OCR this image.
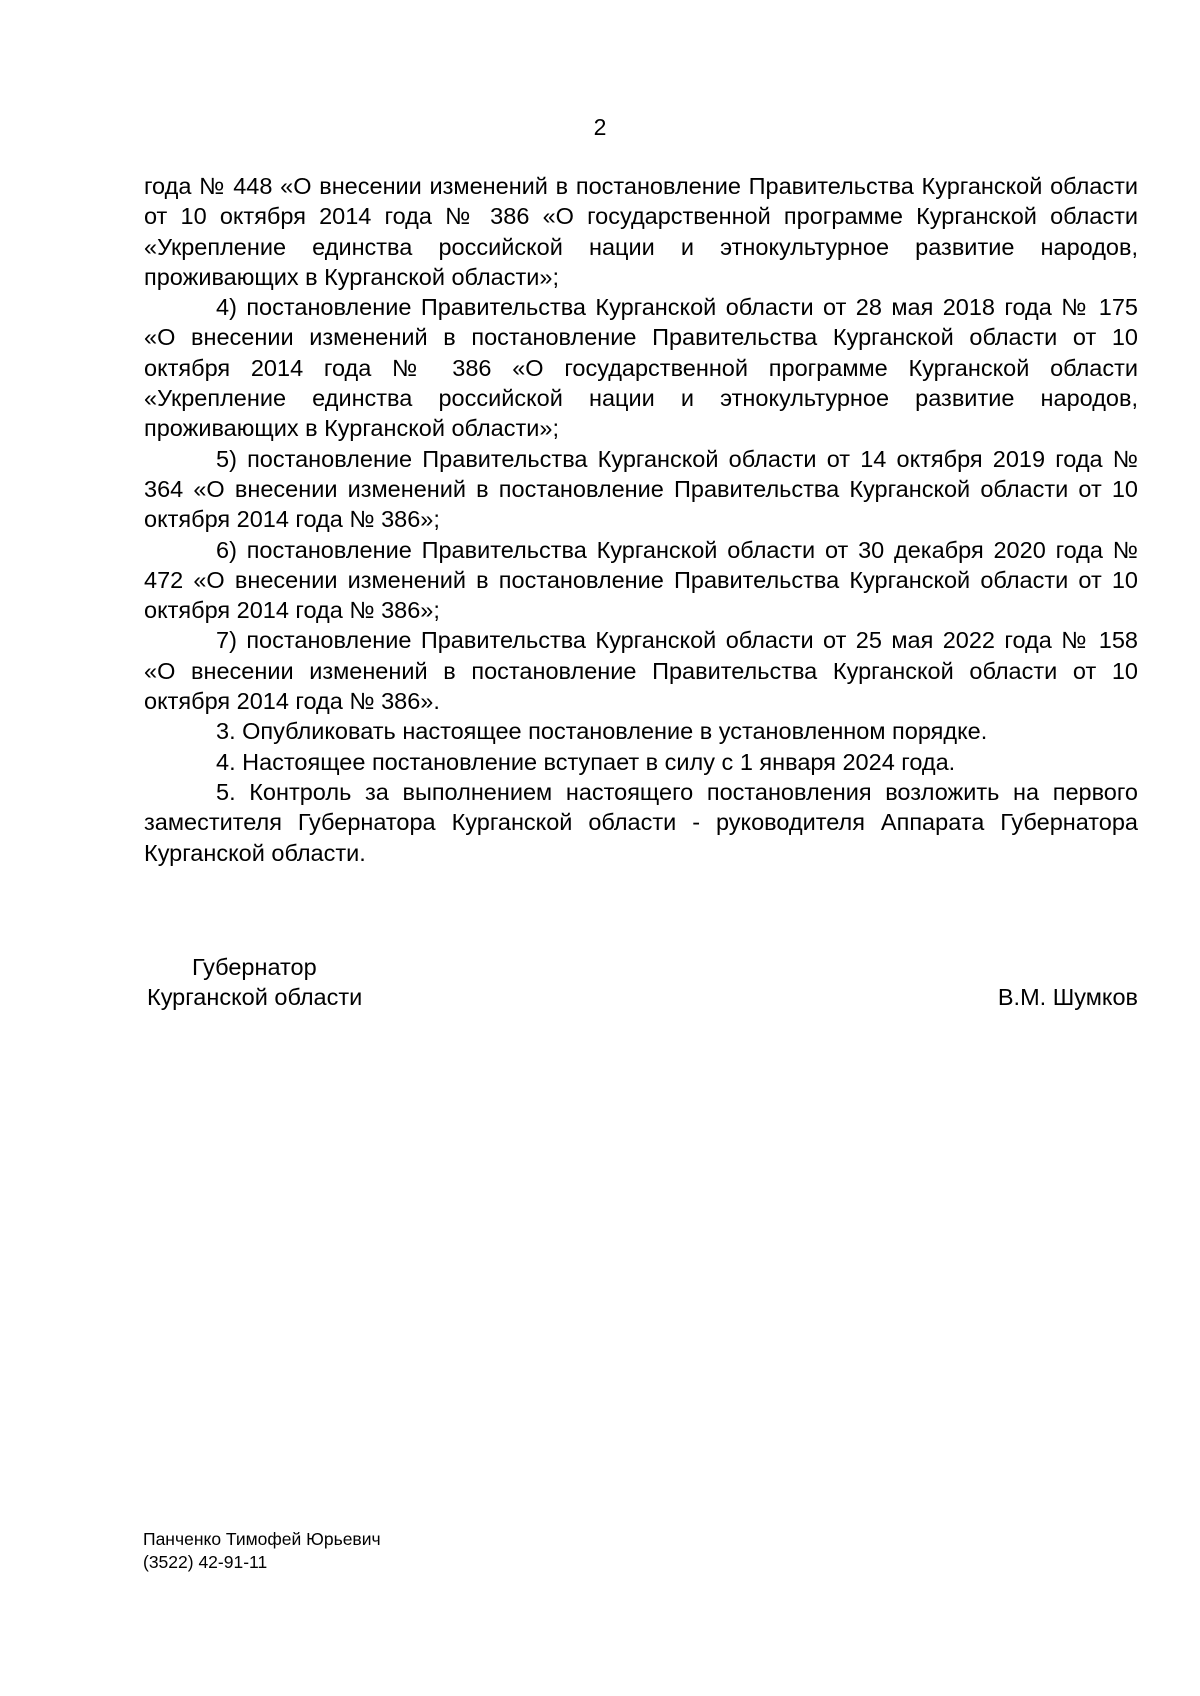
2

года № 448 «О внесении изменений в постановление Правительства Курганской области от 10 октября 2014 года № 386 «О государственной программе Курганской области «Укрепление единства российской нации и этнокультурное развитие народов, проживающих в Курганской области»;

4) постановление Правительства Курганской области от 28 мая 2018 года № 175 «О внесении изменений в постановление Правительства Курганской области от 10 октября 2014 года № 386 «О государственной программе Курганской области «Укрепление единства российской нации и этнокультурное развитие народов, проживающих в Курганской области»;

5) постановление Правительства Курганской области от 14 октября 2019 года № 364 «О внесении изменений в постановление Правительства Курганской области от 10 октября 2014 года № 386»;

6) постановление Правительства Курганской области от 30 декабря 2020 года № 472 «О внесении изменений в постановление Правительства Курганской области от 10 октября 2014 года № 386»;

7) постановление Правительства Курганской области от 25 мая 2022 года № 158 «О внесении изменений в постановление Правительства Курганской области от 10 октября 2014 года № 386».

3. Опубликовать настоящее постановление в установленном порядке.

4. Настоящее постановление вступает в силу с 1 января 2024 года.

5. Контроль за выполнением настоящего постановления возложить на первого заместителя Губернатора Курганской области - руководителя Аппарата Губернатора Курганской области.

Губернатор
Курганской области	В.М. Шумков
Панченко Тимофей Юрьевич
(3522) 42-91-11
